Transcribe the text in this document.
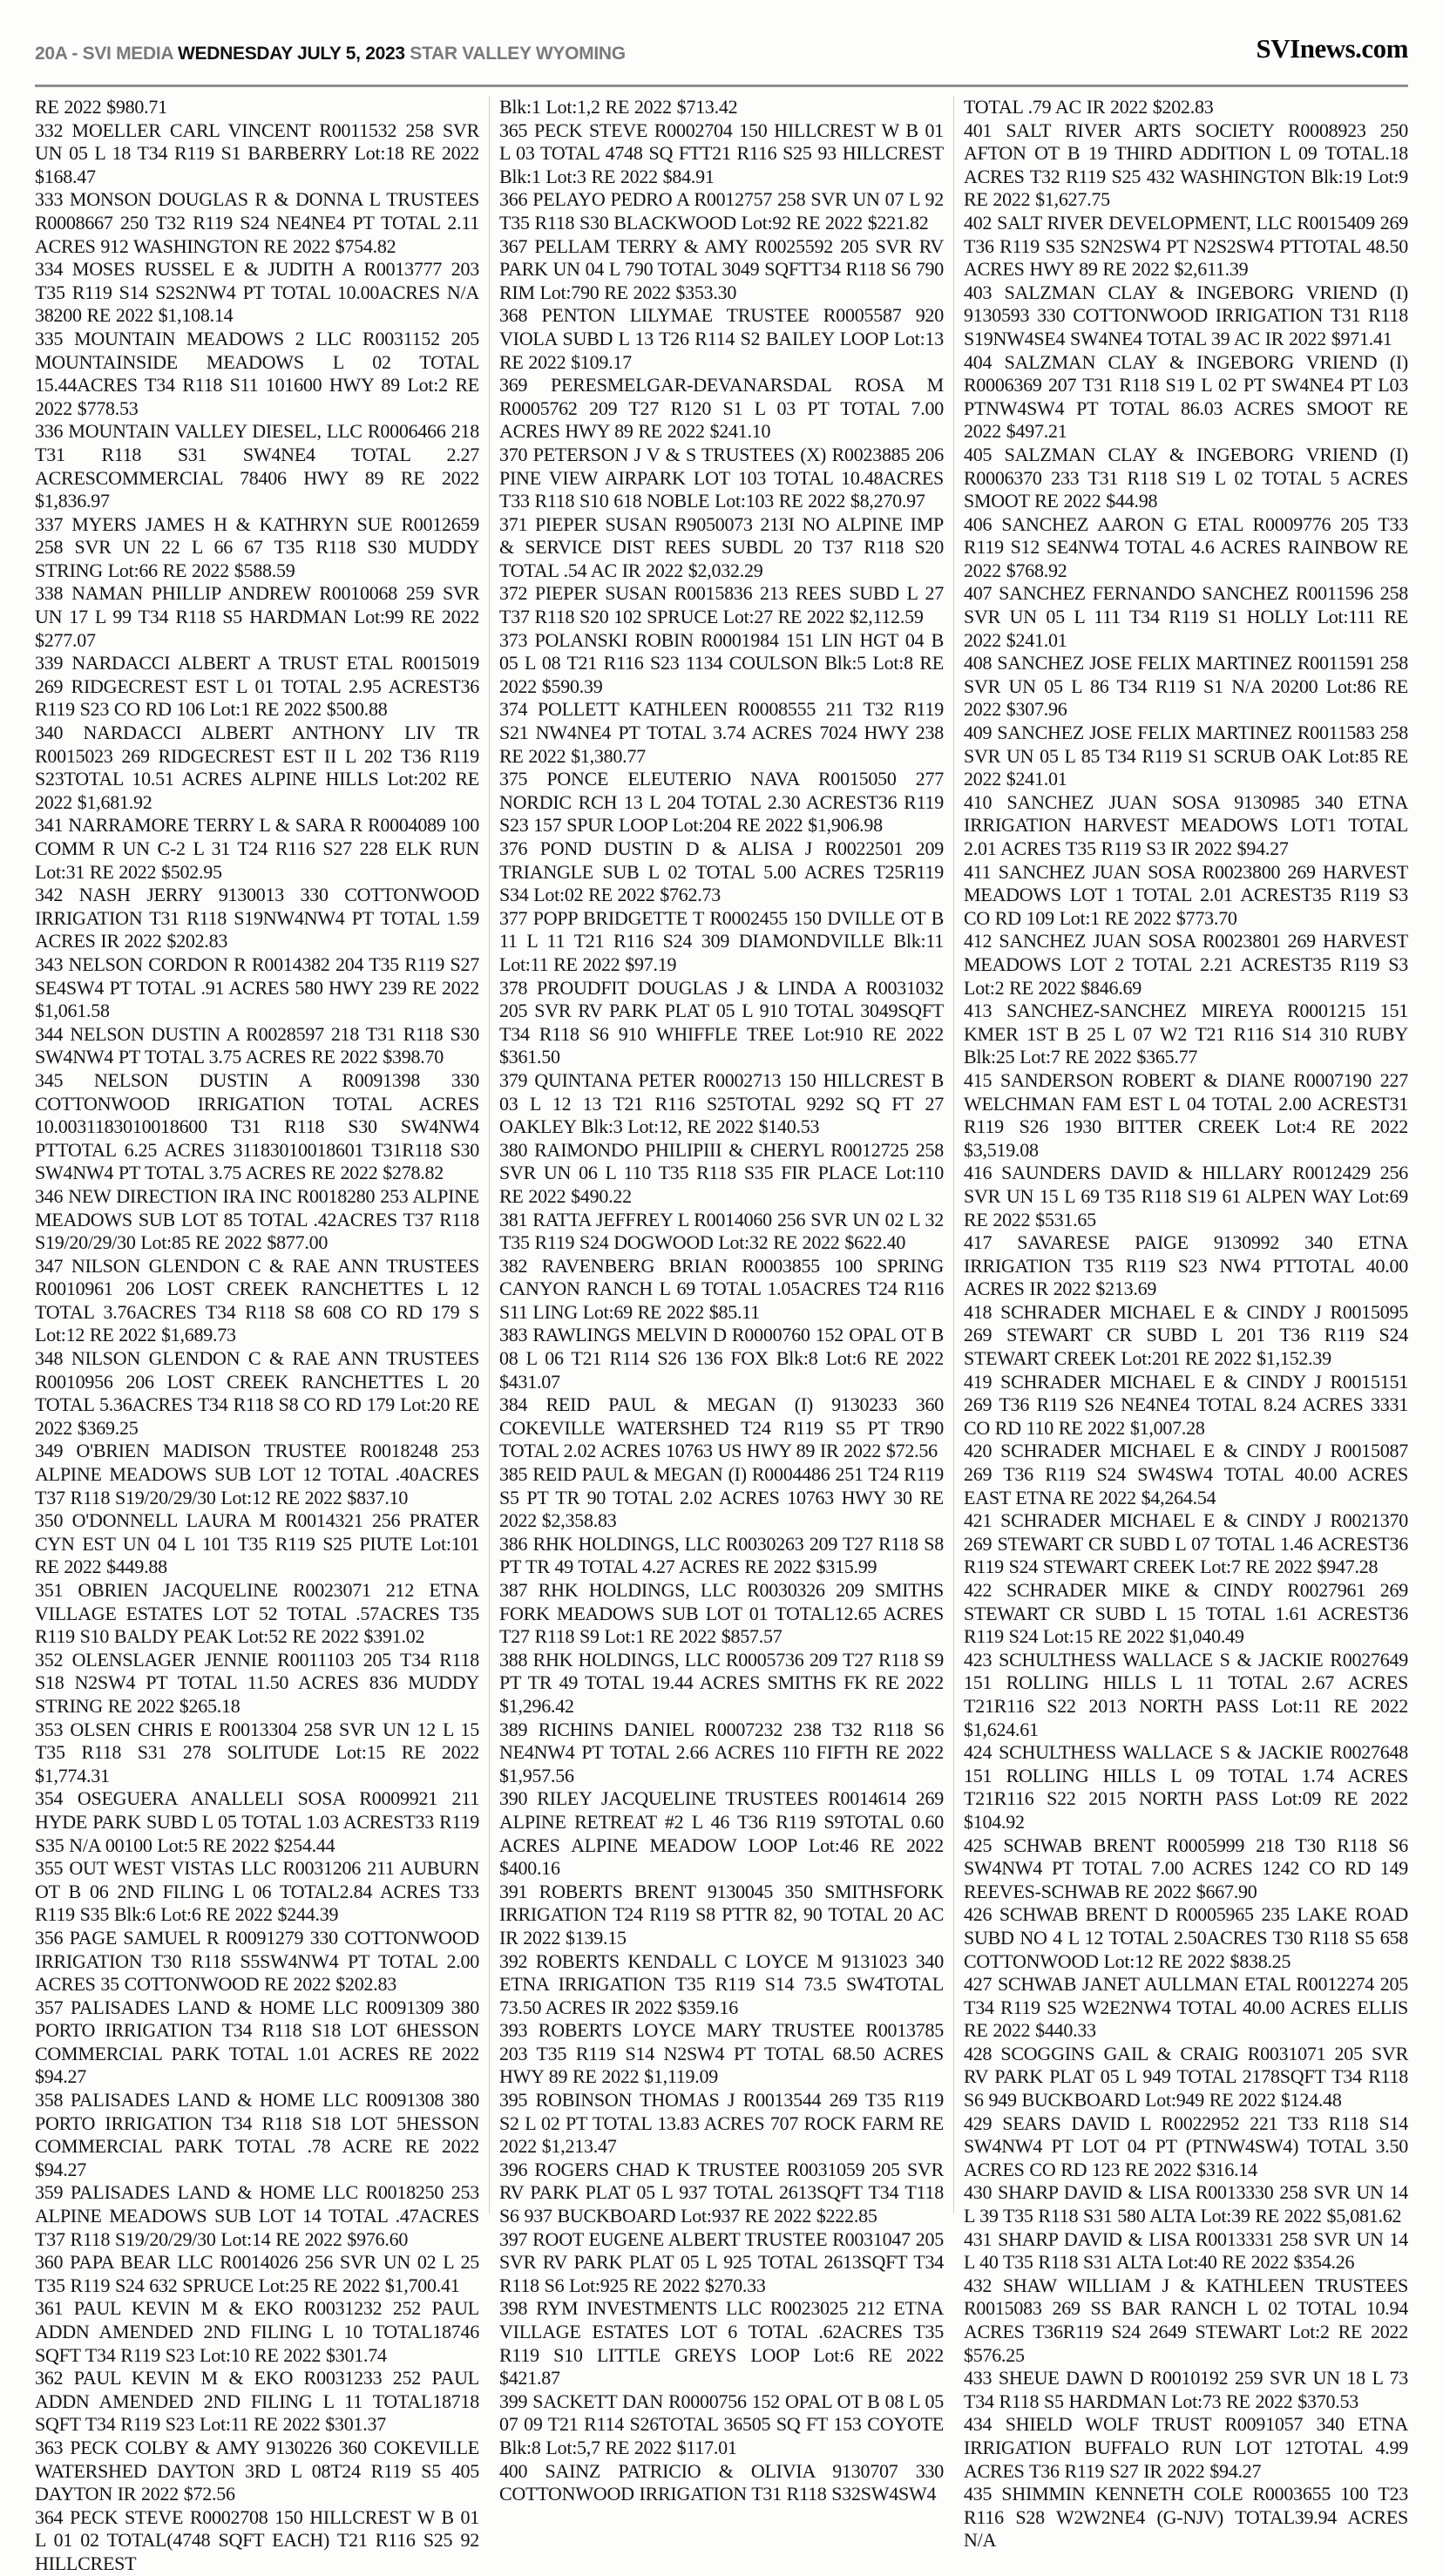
20A - SVI MEDIA WEDNESDAY JULY 5, 2023 STAR VALLEY WYOMING	SVInews.com

RE 2022 $980.71

332 MOELLER CARL VINCENT R0011532 258 SVR UN 05 L 18 T34 R119 S1 BARBERRY Lot:18 RE 2022 $168.47

333 MONSON DOUGLAS R & DONNA L TRUSTEES R0008667 250 T32 R119 S24 NE4NE4 PT TOTAL 2.11 ACRES 912 WASHINGTON RE 2022 $754.82

334 MOSES RUSSEL E & JUDITH A R0013777 203 T35 R119 S14 S2S2NW4 PT TOTAL 10.00ACRES N/A 38200 RE 2022 $1,108.14

335 MOUNTAIN MEADOWS 2 LLC R0031152 205 MOUNTAINSIDE MEADOWS L 02 TOTAL 15.44ACRES T34 R118 S11 101600 HWY 89 Lot:2 RE 2022 $778.53

336 MOUNTAIN VALLEY DIESEL, LLC R0006466 218 T31 R118 S31 SW4NE4 TOTAL 2.27 ACRESCOMMERCIAL 78406 HWY 89 RE 2022 $1,836.97

337 MYERS JAMES H & KATHRYN SUE R0012659 258 SVR UN 22 L 66 67 T35 R118 S30 MUDDY STRING Lot:66 RE 2022 $588.59

338 NAMAN PHILLIP ANDREW R0010068 259 SVR UN 17 L 99 T34 R118 S5 HARDMAN Lot:99 RE 2022 $277.07

339 NARDACCI ALBERT A TRUST ETAL R0015019 269 RIDGECREST EST L 01 TOTAL 2.95 ACREST36 R119 S23 CO RD 106 Lot:1 RE 2022 $500.88

340 NARDACCI ALBERT ANTHONY LIV TR R0015023 269 RIDGECREST EST II L 202 T36 R119 S23TOTAL 10.51 ACRES ALPINE HILLS Lot:202 RE 2022 $1,681.92

341 NARRAMORE TERRY L & SARA R R0004089 100 COMM R UN C-2 L 31 T24 R116 S27 228 ELK RUN Lot:31 RE 2022 $502.95

342 NASH JERRY 9130013 330 COTTONWOOD IRRIGATION T31 R118 S19NW4NW4 PT TOTAL 1.59 ACRES IR 2022 $202.83

343 NELSON CORDON R R0014382 204 T35 R119 S27 SE4SW4 PT TOTAL .91 ACRES 580 HWY 239 RE 2022 $1,061.58

344 NELSON DUSTIN A R0028597 218 T31 R118 S30 SW4NW4 PT TOTAL 3.75 ACRES RE 2022 $398.70

345 NELSON DUSTIN A R0091398 330 COTTONWOOD IRRIGATION TOTAL ACRES 10.0031183010018600 T31 R118 S30 SW4NW4 PTTOTAL 6.25 ACRES 31183010018601 T31R118 S30 SW4NW4 PT TOTAL 3.75 ACRES RE 2022 $278.82

346 NEW DIRECTION IRA INC R0018280 253 ALPINE MEADOWS SUB LOT 85 TOTAL .42ACRES T37 R118 S19/20/29/30 Lot:85 RE 2022 $877.00

347 NILSON GLENDON C & RAE ANN TRUSTEES R0010961 206 LOST CREEK RANCHETTES L 12 TOTAL 3.76ACRES T34 R118 S8 608 CO RD 179 S Lot:12 RE 2022 $1,689.73

348 NILSON GLENDON C & RAE ANN TRUSTEES R0010956 206 LOST CREEK RANCHETTES L 20 TOTAL 5.36ACRES T34 R118 S8 CO RD 179 Lot:20 RE 2022 $369.25

349 O'BRIEN MADISON TRUSTEE R0018248 253 ALPINE MEADOWS SUB LOT 12 TOTAL .40ACRES T37 R118 S19/20/29/30 Lot:12 RE 2022 $837.10

350 O'DONNELL LAURA M R0014321 256 PRATER CYN EST UN 04 L 101 T35 R119 S25 PIUTE Lot:101 RE 2022 $449.88

351 OBRIEN JACQUELINE R0023071 212 ETNA VILLAGE ESTATES LOT 52 TOTAL .57ACRES T35 R119 S10 BALDY PEAK Lot:52 RE 2022 $391.02

352 OLENSLAGER JENNIE R0011103 205 T34 R118 S18 N2SW4 PT TOTAL 11.50 ACRES 836 MUDDY STRING RE 2022 $265.18

353 OLSEN CHRIS E R0013304 258 SVR UN 12 L 15 T35 R118 S31 278 SOLITUDE Lot:15 RE 2022 $1,774.31

354 OSEGUERA ANALLELI SOSA R0009921 211 HYDE PARK SUBD L 05 TOTAL 1.03 ACREST33 R119 S35 N/A 00100 Lot:5 RE 2022 $254.44

355 OUT WEST VISTAS LLC R0031206 211 AUBURN OT B 06 2ND FILING L 06 TOTAL2.84 ACRES T33 R119 S35 Blk:6 Lot:6 RE 2022 $244.39

356 PAGE SAMUEL R R0091279 330 COTTONWOOD IRRIGATION T30 R118 S5SW4NW4 PT TOTAL 2.00 ACRES 35 COTTONWOOD RE 2022 $202.83

357 PALISADES LAND & HOME LLC R0091309 380 PORTO IRRIGATION T34 R118 S18 LOT 6HESSON COMMERCIAL PARK TOTAL 1.01 ACRES RE 2022 $94.27

358 PALISADES LAND & HOME LLC R0091308 380 PORTO IRRIGATION T34 R118 S18 LOT 5HESSON COMMERCIAL PARK TOTAL .78 ACRE RE 2022 $94.27

359 PALISADES LAND & HOME LLC R0018250 253 ALPINE MEADOWS SUB LOT 14 TOTAL .47ACRES T37 R118 S19/20/29/30 Lot:14 RE 2022 $976.60

360 PAPA BEAR LLC R0014026 256 SVR UN 02 L 25 T35 R119 S24 632 SPRUCE Lot:25 RE 2022 $1,700.41

361 PAUL KEVIN M & EKO R0031232 252 PAUL ADDN AMENDED 2ND FILING L 10 TOTAL18746 SQFT T34 R119 S23 Lot:10 RE 2022 $301.74

362 PAUL KEVIN M & EKO R0031233 252 PAUL ADDN AMENDED 2ND FILING L 11 TOTAL18718 SQFT T34 R119 S23 Lot:11 RE 2022 $301.37

363 PECK COLBY & AMY 9130226 360 COKEVILLE WATERSHED DAYTON 3RD L 08T24 R119 S5 405 DAYTON IR 2022 $72.56

364 PECK STEVE R0002708 150 HILLCREST W B 01 L 01 02 TOTAL(4748 SQFT EACH) T21 R116 S25 92 HILLCREST

Blk:1 Lot:1,2 RE 2022 $713.42

365 PECK STEVE R0002704 150 HILLCREST W B 01 L 03 TOTAL 4748 SQ FTT21 R116 S25 93 HILLCREST Blk:1 Lot:3 RE 2022 $84.91

366 PELAYO PEDRO A R0012757 258 SVR UN 07 L 92 T35 R118 S30 BLACKWOOD Lot:92 RE 2022 $221.82

367 PELLAM TERRY & AMY R0025592 205 SVR RV PARK UN 04 L 790 TOTAL 3049 SQFTT34 R118 S6 790 RIM Lot:790 RE 2022 $353.30

368 PENTON LILYMAE TRUSTEE R0005587 920 VIOLA SUBD L 13 T26 R114 S2 BAILEY LOOP Lot:13 RE 2022 $109.17

369 PERESMELGAR-DEVANARSDAL ROSA M R0005762 209 T27 R120 S1 L 03 PT TOTAL 7.00 ACRES HWY 89 RE 2022 $241.10

370 PETERSON J V & S TRUSTEES (X) R0023885 206 PINE VIEW AIRPARK LOT 103 TOTAL 10.48ACRES T33 R118 S10 618 NOBLE Lot:103 RE 2022 $8,270.97

371 PIEPER SUSAN R9050073 213I NO ALPINE IMP & SERVICE DIST REES SUBDL 20 T37 R118 S20 TOTAL .54 AC IR 2022 $2,032.29

372 PIEPER SUSAN R0015836 213 REES SUBD L 27 T37 R118 S20 102 SPRUCE Lot:27 RE 2022 $2,112.59

373 POLANSKI ROBIN R0001984 151 LIN HGT 04 B 05 L 08 T21 R116 S23 1134 COULSON Blk:5 Lot:8 RE 2022 $590.39

374 POLLETT KATHLEEN R0008555 211 T32 R119 S21 NW4NE4 PT TOTAL 3.74 ACRES 7024 HWY 238 RE 2022 $1,380.77

375 PONCE ELEUTERIO NAVA R0015050 277 NORDIC RCH 13 L 204 TOTAL 2.30 ACREST36 R119 S23 157 SPUR LOOP Lot:204 RE 2022 $1,906.98

376 POND DUSTIN D & ALISA J R0022501 209 TRIANGLE SUB L 02 TOTAL 5.00 ACRES T25R119 S34 Lot:02 RE 2022 $762.73

377 POPP BRIDGETTE T R0002455 150 DVILLE OT B 11 L 11 T21 R116 S24 309 DIAMONDVILLE Blk:11 Lot:11 RE 2022 $97.19

378 PROUDFIT DOUGLAS J & LINDA A R0031032 205 SVR RV PARK PLAT 05 L 910 TOTAL 3049SQFT T34 R118 S6 910 WHIFFLE TREE Lot:910 RE 2022 $361.50

379 QUINTANA PETER R0002713 150 HILLCREST B 03 L 12 13 T21 R116 S25TOTAL 9292 SQ FT 27 OAKLEY Blk:3 Lot:12, RE 2022 $140.53

380 RAIMONDO PHILIPIII & CHERYL R0012725 258 SVR UN 06 L 110 T35 R118 S35 FIR PLACE Lot:110 RE 2022 $490.22

381 RATTA JEFFREY L R0014060 256 SVR UN 02 L 32 T35 R119 S24 DOGWOOD Lot:32 RE 2022 $622.40

382 RAVENBERG BRIAN R0003855 100 SPRING CANYON RANCH L 69 TOTAL 1.05ACRES T24 R116 S11 LING Lot:69 RE 2022 $85.11

383 RAWLINGS MELVIN D R0000760 152 OPAL OT B 08 L 06 T21 R114 S26 136 FOX Blk:8 Lot:6 RE 2022 $431.07

384 REID PAUL & MEGAN (I) 9130233 360 COKEVILLE WATERSHED T24 R119 S5 PT TR90 TOTAL 2.02 ACRES 10763 US HWY 89 IR 2022 $72.56

385 REID PAUL & MEGAN (I) R0004486 251 T24 R119 S5 PT TR 90 TOTAL 2.02 ACRES 10763 HWY 30 RE 2022 $2,358.83

386 RHK HOLDINGS, LLC R0030263 209 T27 R118 S8 PT TR 49 TOTAL 4.27 ACRES RE 2022 $315.99

387 RHK HOLDINGS, LLC R0030326 209 SMITHS FORK MEADOWS SUB LOT 01 TOTAL12.65 ACRES T27 R118 S9 Lot:1 RE 2022 $857.57

388 RHK HOLDINGS, LLC R0005736 209 T27 R118 S9 PT TR 49 TOTAL 19.44 ACRES SMITHS FK RE 2022 $1,296.42

389 RICHINS DANIEL R0007232 238 T32 R118 S6 NE4NW4 PT TOTAL 2.66 ACRES 110 FIFTH RE 2022 $1,957.56

390 RILEY JACQUELINE TRUSTEES R0014614 269 ALPINE RETREAT #2 L 46 T36 R119 S9TOTAL 0.60 ACRES ALPINE MEADOW LOOP Lot:46 RE 2022 $400.16

391 ROBERTS BRENT 9130045 350 SMITHSFORK IRRIGATION T24 R119 S8 PTTR 82, 90 TOTAL 20 AC IR 2022 $139.15

392 ROBERTS KENDALL C LOYCE M 9131023 340 ETNA IRRIGATION T35 R119 S14 73.5 SW4TOTAL 73.50 ACRES IR 2022 $359.16

393 ROBERTS LOYCE MARY TRUSTEE R0013785 203 T35 R119 S14 N2SW4 PT TOTAL 68.50 ACRES HWY 89 RE 2022 $1,119.09

395 ROBINSON THOMAS J R0013544 269 T35 R119 S2 L 02 PT TOTAL 13.83 ACRES 707 ROCK FARM RE 2022 $1,213.47

396 ROGERS CHAD K TRUSTEE R0031059 205 SVR RV PARK PLAT 05 L 937 TOTAL 2613SQFT T34 T118 S6 937 BUCKBOARD Lot:937 RE 2022 $222.85

397 ROOT EUGENE ALBERT TRUSTEE R0031047 205 SVR RV PARK PLAT 05 L 925 TOTAL 2613SQFT T34 R118 S6 Lot:925 RE 2022 $270.33

398 RYM INVESTMENTS LLC R0023025 212 ETNA VILLAGE ESTATES LOT 6 TOTAL .62ACRES T35 R119 S10 LITTLE GREYS LOOP Lot:6 RE 2022 $421.87

399 SACKETT DAN R0000756 152 OPAL OT B 08 L 05 07 09 T21 R114 S26TOTAL 36505 SQ FT 153 COYOTE Blk:8 Lot:5,7 RE 2022 $117.01

400 SAINZ PATRICIO & OLIVIA 9130707 330 COTTONWOOD IRRIGATION T31 R118 S32SW4SW4

TOTAL .79 AC IR 2022 $202.83

401 SALT RIVER ARTS SOCIETY R0008923 250 AFTON OT B 19 THIRD ADDITION L 09 TOTAL.18 ACRES T32 R119 S25 432 WASHINGTON Blk:19 Lot:9 RE 2022 $1,627.75

402 SALT RIVER DEVELOPMENT, LLC R0015409 269 T36 R119 S35 S2N2SW4 PT N2S2SW4 PTTOTAL 48.50 ACRES HWY 89 RE 2022 $2,611.39

403 SALZMAN CLAY & INGEBORG VRIEND (I) 9130593 330 COTTONWOOD IRRIGATION T31 R118 S19NW4SE4 SW4NE4 TOTAL 39 AC IR 2022 $971.41

404 SALZMAN CLAY & INGEBORG VRIEND (I) R0006369 207 T31 R118 S19 L 02 PT SW4NE4 PT L03 PTNW4SW4 PT TOTAL 86.03 ACRES SMOOT RE 2022 $497.21

405 SALZMAN CLAY & INGEBORG VRIEND (I) R0006370 233 T31 R118 S19 L 02 TOTAL 5 ACRES SMOOT RE 2022 $44.98

406 SANCHEZ AARON G ETAL R0009776 205 T33 R119 S12 SE4NW4 TOTAL 4.6 ACRES RAINBOW RE 2022 $768.92

407 SANCHEZ FERNANDO SANCHEZ R0011596 258 SVR UN 05 L 111 T34 R119 S1 HOLLY Lot:111 RE 2022 $241.01

408 SANCHEZ JOSE FELIX MARTINEZ R0011591 258 SVR UN 05 L 86 T34 R119 S1 N/A 20200 Lot:86 RE 2022 $307.96

409 SANCHEZ JOSE FELIX MARTINEZ R0011583 258 SVR UN 05 L 85 T34 R119 S1 SCRUB OAK Lot:85 RE 2022 $241.01

410 SANCHEZ JUAN SOSA 9130985 340 ETNA IRRIGATION HARVEST MEADOWS LOT1 TOTAL 2.01 ACRES T35 R119 S3 IR 2022 $94.27

411 SANCHEZ JUAN SOSA R0023800 269 HARVEST MEADOWS LOT 1 TOTAL 2.01 ACREST35 R119 S3 CO RD 109 Lot:1 RE 2022 $773.70

412 SANCHEZ JUAN SOSA R0023801 269 HARVEST MEADOWS LOT 2 TOTAL 2.21 ACREST35 R119 S3 Lot:2 RE 2022 $846.69

413 SANCHEZ-SANCHEZ MIREYA R0001215 151 KMER 1ST B 25 L 07 W2 T21 R116 S14 310 RUBY Blk:25 Lot:7 RE 2022 $365.77

415 SANDERSON ROBERT & DIANE R0007190 227 WELCHMAN FAM EST L 04 TOTAL 2.00 ACREST31 R119 S26 1930 BITTER CREEK Lot:4 RE 2022 $3,519.08

416 SAUNDERS DAVID & HILLARY R0012429 256 SVR UN 15 L 69 T35 R118 S19 61 ALPEN WAY Lot:69 RE 2022 $531.65

417 SAVARESE PAIGE 9130992 340 ETNA IRRIGATION T35 R119 S23 NW4 PTTOTAL 40.00 ACRES IR 2022 $213.69

418 SCHRADER MICHAEL E & CINDY J R0015095 269 STEWART CR SUBD L 201 T36 R119 S24 STEWART CREEK Lot:201 RE 2022 $1,152.39

419 SCHRADER MICHAEL E & CINDY J R0015151 269 T36 R119 S26 NE4NE4 TOTAL 8.24 ACRES 3331 CO RD 110 RE 2022 $1,007.28

420 SCHRADER MICHAEL E & CINDY J R0015087 269 T36 R119 S24 SW4SW4 TOTAL 40.00 ACRES EAST ETNA RE 2022 $4,264.54

421 SCHRADER MICHAEL E & CINDY J R0021370 269 STEWART CR SUBD L 07 TOTAL 1.46 ACREST36 R119 S24 STEWART CREEK Lot:7 RE 2022 $947.28

422 SCHRADER MIKE & CINDY R0027961 269 STEWART CR SUBD L 15 TOTAL 1.61 ACREST36 R119 S24 Lot:15 RE 2022 $1,040.49

423 SCHULTHESS WALLACE S & JACKIE R0027649 151 ROLLING HILLS L 11 TOTAL 2.67 ACRES T21R116 S22 2013 NORTH PASS Lot:11 RE 2022 $1,624.61

424 SCHULTHESS WALLACE S & JACKIE R0027648 151 ROLLING HILLS L 09 TOTAL 1.74 ACRES T21R116 S22 2015 NORTH PASS Lot:09 RE 2022 $104.92

425 SCHWAB BRENT R0005999 218 T30 R118 S6 SW4NW4 PT TOTAL 7.00 ACRES 1242 CO RD 149 REEVES-SCHWAB RE 2022 $667.90

426 SCHWAB BRENT D R0005965 235 LAKE ROAD SUBD NO 4 L 12 TOTAL 2.50ACRES T30 R118 S5 658 COTTONWOOD Lot:12 RE 2022 $838.25

427 SCHWAB JANET AULLMAN ETAL R0012274 205 T34 R119 S25 W2E2NW4 TOTAL 40.00 ACRES ELLIS RE 2022 $440.33

428 SCOGGINS GAIL & CRAIG R0031071 205 SVR RV PARK PLAT 05 L 949 TOTAL 2178SQFT T34 R118 S6 949 BUCKBOARD Lot:949 RE 2022 $124.48

429 SEARS DAVID L R0022952 221 T33 R118 S14 SW4NW4 PT LOT 04 PT (PTNW4SW4) TOTAL 3.50 ACRES CO RD 123 RE 2022 $316.14

430 SHARP DAVID & LISA R0013330 258 SVR UN 14 L 39 T35 R118 S31 580 ALTA Lot:39 RE 2022 $5,081.62

431 SHARP DAVID & LISA R0013331 258 SVR UN 14 L 40 T35 R118 S31 ALTA Lot:40 RE 2022 $354.26

432 SHAW WILLIAM J & KATHLEEN TRUSTEES R0015083 269 SS BAR RANCH L 02 TOTAL 10.94 ACRES T36R119 S24 2649 STEWART Lot:2 RE 2022 $576.25

433 SHEUE DAWN D R0010192 259 SVR UN 18 L 73 T34 R118 S5 HARDMAN Lot:73 RE 2022 $370.53

434 SHIELD WOLF TRUST R0091057 340 ETNA IRRIGATION BUFFALO RUN LOT 12TOTAL 4.99 ACRES T36 R119 S27 IR 2022 $94.27

435 SHIMMIN KENNETH COLE R0003655 100 T23 R116 S28 W2W2NE4 (G-NJV) TOTAL39.94 ACRES N/A
